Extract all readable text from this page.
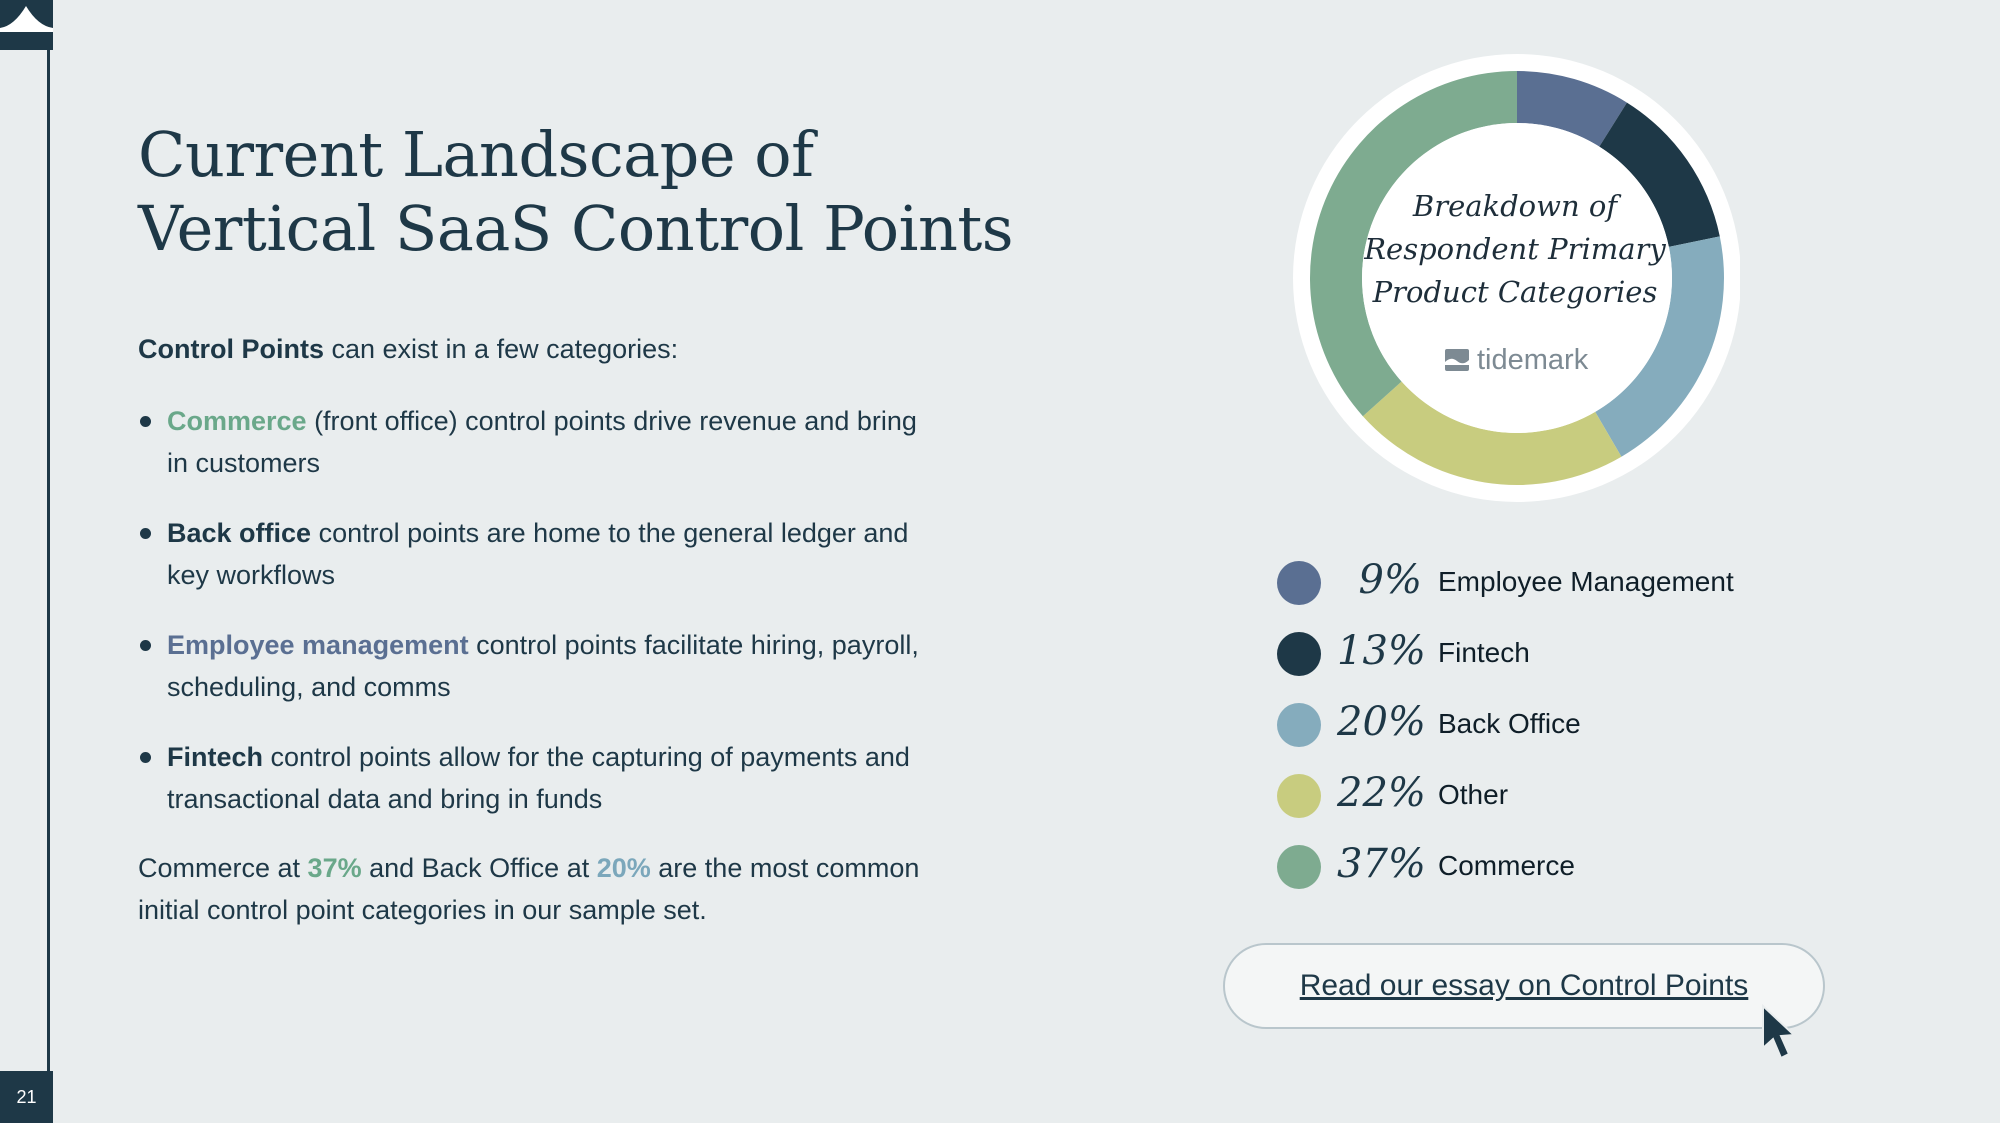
21
Current Landscape of
Vertical SaaS Control Points

Control Points can exist in a few categories:

Commerce (front office) control points drive revenue and bring in customers
Back office control points are home to the general ledger and key workflows
Employee management control points facilitate hiring, payroll, scheduling, and comms
Fintech control points allow for the capturing of payments and transactional data and bring in funds

Commerce at 37% and Back Office at 20% are the most common initial control point categories in our sample set.

Breakdown of
Respondent Primary
Product Categories
tidemark
9% Employee Management
13% Fintech
20% Back Office
22% Other
37% Commerce
Read our essay on Control Points
